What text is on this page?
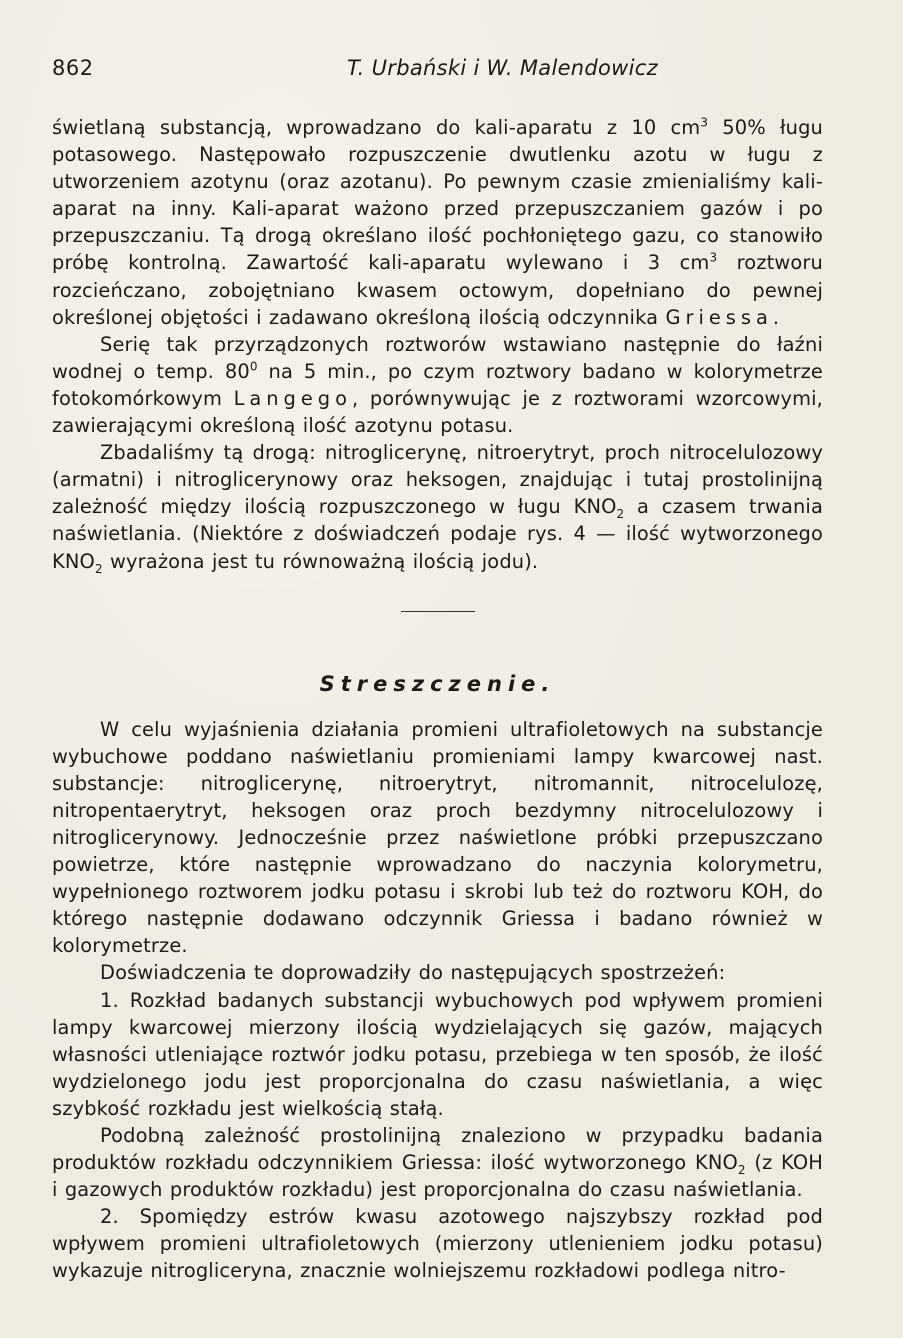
862	T. Urbański i W. Malendowicz

świetlaną substancją, wprowadzano do kali-aparatu z 10 $cm^3$ 50% ługu potasowego. Następowało rozpuszczenie dwutlenku azotu w ługu z utworzeniem azotynu (oraz azotanu). Po pewnym czasie zmienialiśmy kali-aparat na inny. Kali-aparat ważono przed przepuszczaniem gazów i po przepuszczaniu. Tą drogą określano ilość pochłoniętego gazu, co stanowiło próbę kontrolną. Zawartość kali-aparatu wylewano i 3 $cm^3$ roztworu rozcieńczano, zobojętniano kwasem octowym, dopełniano do pewnej określonej objętości i zadawano określoną ilością odczynnika Griessa.

Serię tak przyrządzonych roztworów wstawiano następnie do łaźni wodnej o temp. $80^0$ na 5 min., po czym roztwory badano w kolorymetrze fotokomórkowym Langego, porównywując je z roztworami wzorcowymi, zawierającymi określoną ilość azotynu potasu.

Zbadaliśmy tą drogą: nitroglicerynę, nitroerytryt, proch nitrocelulozowy (armatni) i nitroglicerynowy oraz heksogen, znajdując i tutaj prostolinijną zależność między ilością rozpuszczonego w ługu $KNO_2$ a czasem trwania naświetlania. (Niektóre z doświadczeń podaje rys. 4 — ilość wytworzonego $KNO_2$ wyrażona jest tu równoważną ilością jodu).

Streszczenie.

W celu wyjaśnienia działania promieni ultrafioletowych na substancje wybuchowe poddano naświetlaniu promieniami lampy kwarcowej nast. substancje: nitroglicerynę, nitroerytryt, nitromannit, nitrocelulozę, nitropentaerytryt, heksogen oraz proch bezdymny nitrocelulozowy i nitroglicerynowy. Jednocześnie przez naświetlone próbki przepuszczano powietrze, które następnie wprowadzano do naczynia kolorymetru, wypełnionego roztworem jodku potasu i skrobi lub też do roztworu KOH, do którego następnie dodawano odczynnik Griessa i badano również w kolorymetrze.

Doświadczenia te doprowadziły do następujących spostrzeżeń:

1. Rozkład badanych substancji wybuchowych pod wpływem promieni lampy kwarcowej mierzony ilością wydzielających się gazów, mających własności utleniające roztwór jodku potasu, przebiega w ten sposób, że ilość wydzielonego jodu jest proporcjonalna do czasu naświetlania, a więc szybkość rozkładu jest wielkością stałą.

Podobną zależność prostolinijną znaleziono w przypadku badania produktów rozkładu odczynnikiem Griessa: ilość wytworzonego $KNO_2$ (z KOH i gazowych produktów rozkładu) jest proporcjonalna do czasu naświetlania.

2. Spomiędzy estrów kwasu azotowego najszybszy rozkład pod wpływem promieni ultrafioletowych (mierzony utlenieniem jodku potasu) wykazuje nitrogliceryna, znacznie wolniejszemu rozkładowi podlega nitro-
